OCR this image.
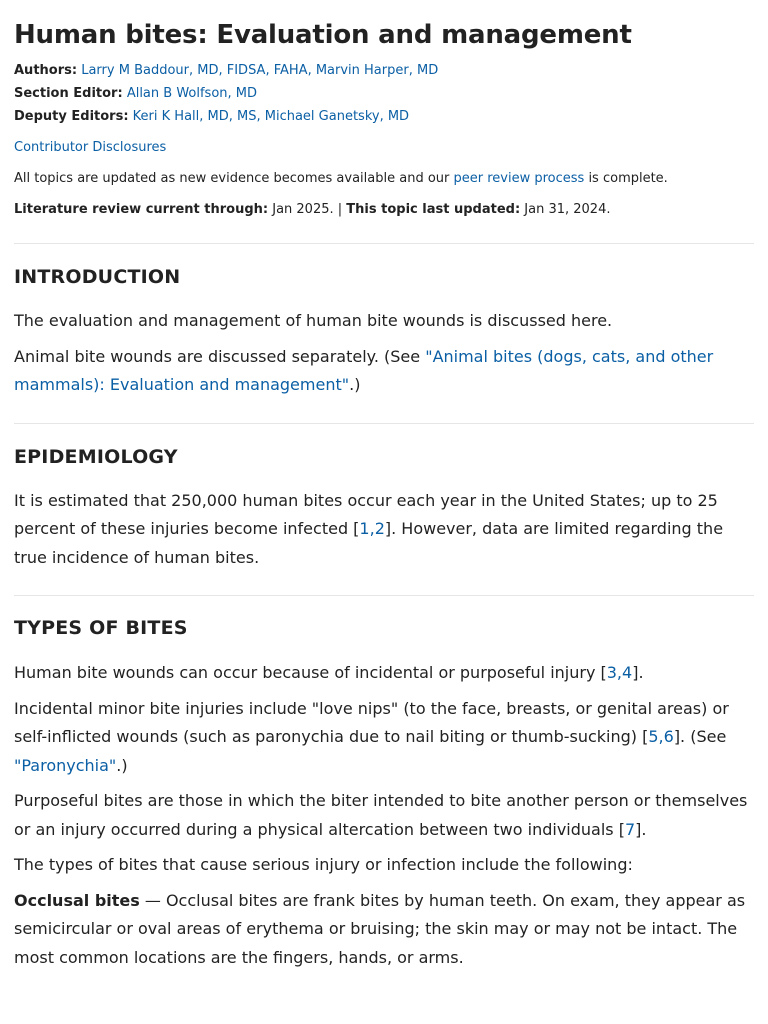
Human bites: Evaluation and management
Authors: Larry M Baddour, MD, FIDSA, FAHA, Marvin Harper, MD
Section Editor: Allan B Wolfson, MD
Deputy Editors: Keri K Hall, MD, MS, Michael Ganetsky, MD
Contributor Disclosures
All topics are updated as new evidence becomes available and our peer review process is complete.
Literature review current through: Jan 2025. | This topic last updated: Jan 31, 2024.
INTRODUCTION

The evaluation and management of human bite wounds is discussed here.

Animal bite wounds are discussed separately. (See "Animal bites (dogs, cats, and other mammals): Evaluation and management".)

EPIDEMIOLOGY

It is estimated that 250,000 human bites occur each year in the United States; up to 25 percent of these injuries become infected [1,2]. However, data are limited regarding the true incidence of human bites.

TYPES OF BITES

Human bite wounds can occur because of incidental or purposeful injury [3,4].

Incidental minor bite injuries include "love nips" (to the face, breasts, or genital areas) or self-inflicted wounds (such as paronychia due to nail biting or thumb-sucking) [5,6]. (See "Paronychia".)

Purposeful bites are those in which the biter intended to bite another person or themselves or an injury occurred during a physical altercation between two individuals [7].

The types of bites that cause serious injury or infection include the following:

Occlusal bites — Occlusal bites are frank bites by human teeth. On exam, they appear as semicircular or oval areas of erythema or bruising; the skin may or may not be intact. The most common locations are the fingers, hands, or arms.
